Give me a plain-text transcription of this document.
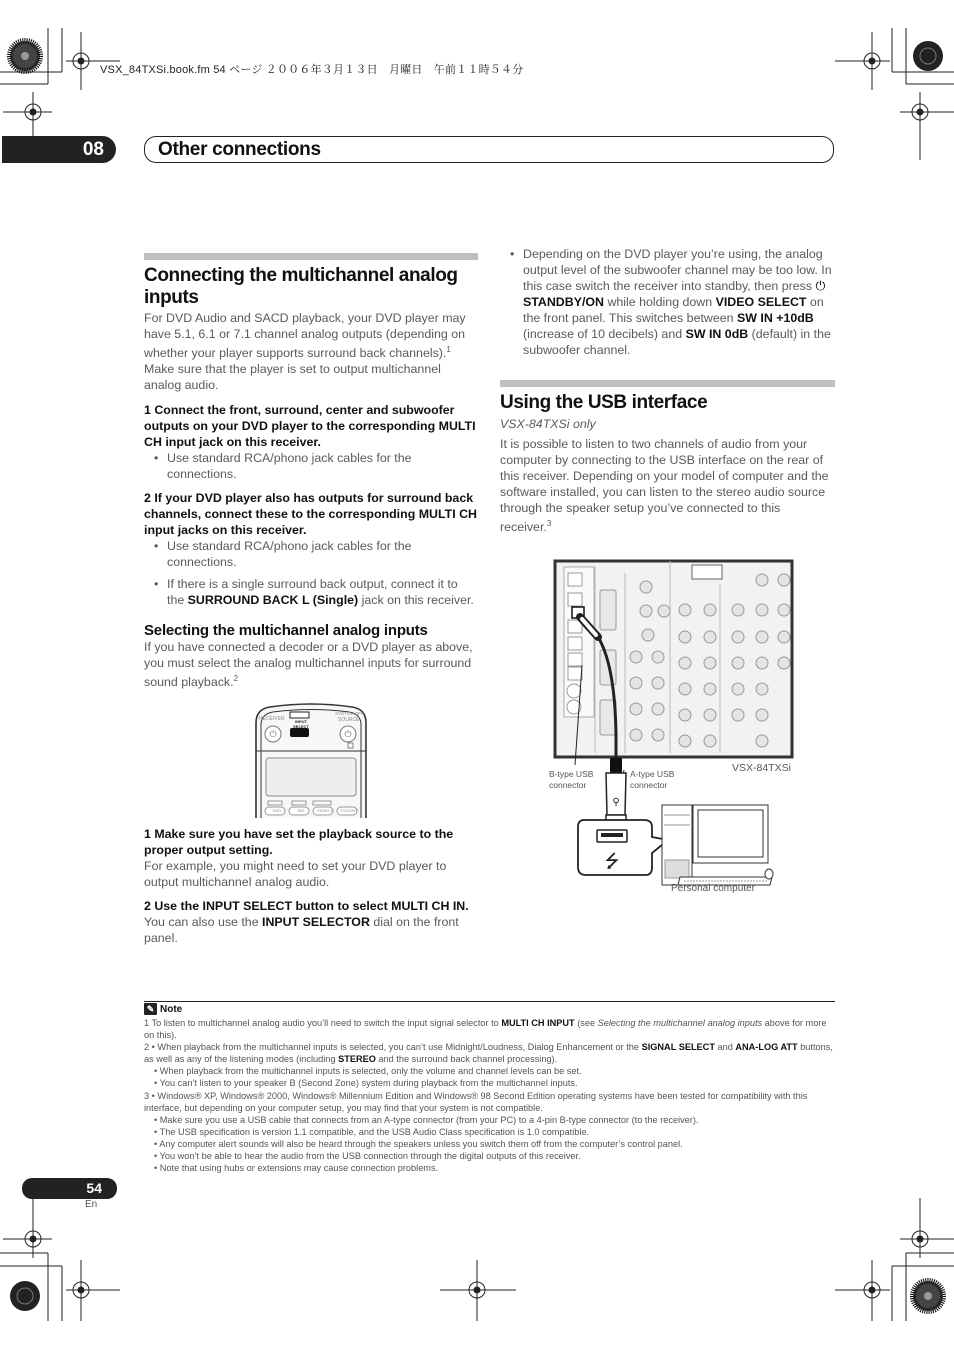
VSX_84TXSi.book.fm 54 ページ ２００６年３月１３日　月曜日　午前１１時５４分
08	Other connections
Connecting the multichannel analog inputs

For DVD Audio and SACD playback, your DVD player may have 5.1, 6.1 or 7.1 channel analog outputs (depending on whether your player supports surround back channels).$^1$ Make sure that the player is set to output multichannel analog audio.

1 Connect the front, surround, center and subwoofer outputs on your DVD player to the corresponding MULTI CH input jack on this receiver.

• Use standard RCA/phono jack cables for the connections.

2 If your DVD player also has outputs for surround back channels, connect these to the corresponding MULTI CH input jacks on this receiver.

• Use standard RCA/phono jack cables for the connections.
• If there is a single surround back output, connect it to the SURROUND BACK L (Single) jack on this receiver.
Selecting the multichannel analog inputs

If you have connected a decoder or a DVD player as above, you must select the analog multichannel inputs for surround sound playback.$^2$

⏻	⏻
RECEIVER	INPUT SELECT
SYSTEM OFF
SOURCE
DVD	SAT	VIDEO 1	TV/CONT

1 Make sure you have set the playback source to the proper output setting.

For example, you might need to set your DVD player to output multichannel analog audio.

2 Use the INPUT SELECT button to select MULTI CH IN.

You can also use the INPUT SELECTOR dial on the front panel.

• Depending on the DVD player you’re using, the analog output level of the subwoofer channel may be too low. In this case switch the receiver into standby, then press ⏻ STANDBY/ON while holding down VIDEO SELECT on the front panel. This switches between SW IN +10dB (increase of 10 decibels) and SW IN 0dB (default) in the subwoofer channel.
Using the USB interface

VSX-84TXSi only

It is possible to listen to two channels of audio from your computer by connecting to the USB interface on the rear of this receiver. Depending on your model of computer and the software installed, you can listen to the stereo audio source through the speaker setup you’ve connected to this receiver.$^3$

⚲
⭍
VSX-84TXSi
B-type USB connector
A-type USB connector
Personal computer
✎ Note
1 To listen to multichannel analog audio you’ll need to switch the input signal selector to MULTI CH INPUT (see Selecting the multichannel analog inputs above for more on this).
2 • When playback from the multichannel inputs is selected, you can’t use Midnight/Loudness, Dialog Enhancement or the SIGNAL SELECT and ANA-LOG ATT buttons, as well as any of the listening modes (including STEREO and the surround back channel processing).
• When playback from the multichannel inputs is selected, only the volume and channel levels can be set.
• You can’t listen to your speaker B (Second Zone) system during playback from the multichannel inputs.
3 • Windows® XP, Windows® 2000, Windows® Millennium Edition and Windows® 98 Second Edition operating systems have been tested for compatibility with this interface, but depending on your computer setup, you may find that your system is not compatible.
• Make sure you use a USB cable that connects from an A-type connector (from your PC) to a 4-pin B-type connector (to the receiver).
• The USB specification is version 1.1 compatible, and the USB Audio Class specification is 1.0 compatible.
• Any computer alert sounds will also be heard through the speakers unless you switch them off from the computer’s control panel.
• You won’t be able to hear the audio from the USB connection through the digital outputs of this receiver.
• Note that using hubs or extensions may cause connection problems.
54
En
